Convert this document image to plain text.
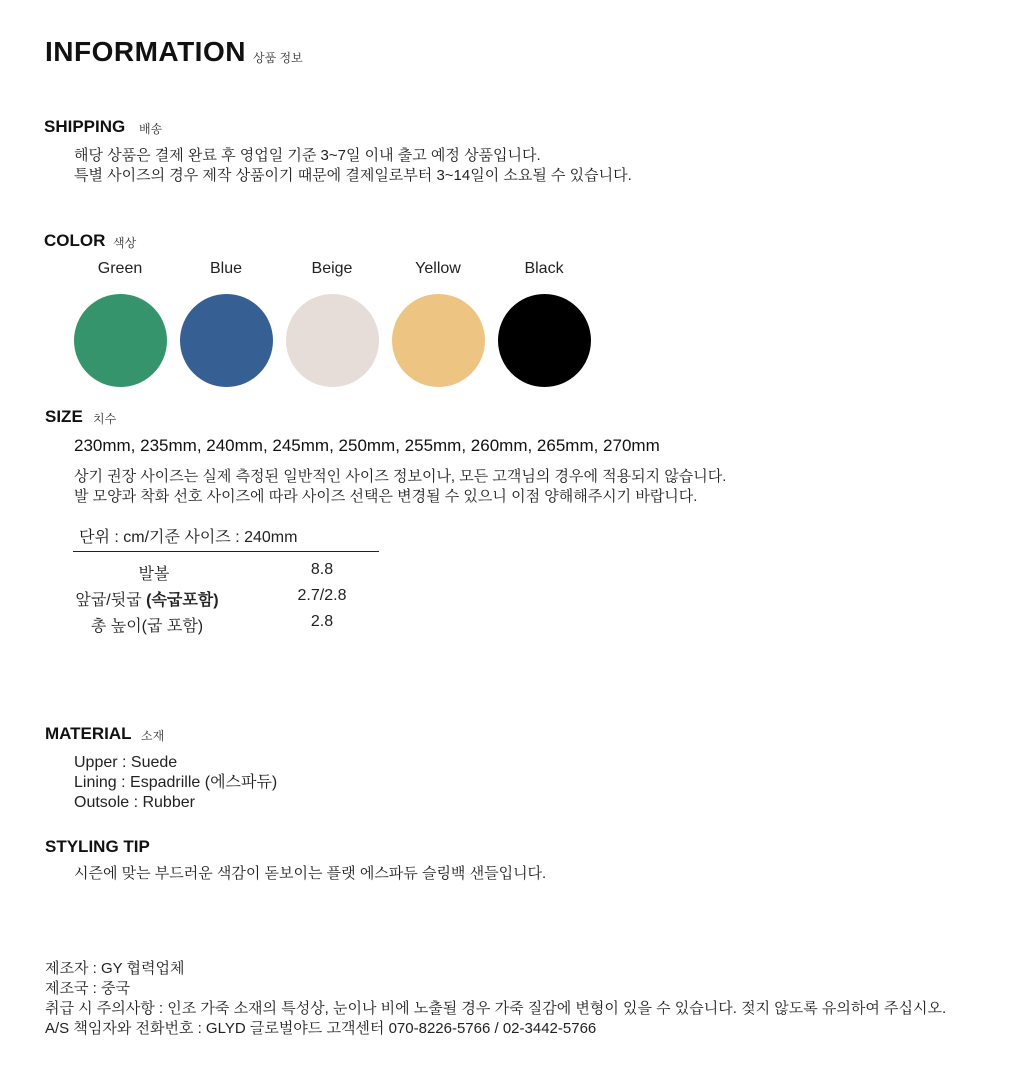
INFORMATION 상품 정보
SHIPPING 배송
해당 상품은 결제 완료 후 영업일 기준 3~7일 이내 출고 예정 상품입니다.
특별 사이즈의 경우 제작 상품이기 때문에 결제일로부터 3~14일이 소요될 수 있습니다.
COLOR 색상
Green	Blue	Beige	Yellow	Black
SIZE 치수
230mm, 235mm, 240mm, 245mm, 250mm, 255mm, 260mm, 265mm, 270mm
상기 권장 사이즈는 실제 측정된 일반적인 사이즈 정보이나, 모든 고객님의 경우에 적용되지 않습니다.
발 모양과 착화 선호 사이즈에 따라 사이즈 선택은 변경될 수 있으니 이점 양해해주시기 바랍니다.
단위 : cm/기준 사이즈 : 240mm
발볼	8.8
앞굽/뒷굽 (속굽포함)	2.7/2.8
총 높이(굽 포함)	2.8
MATERIAL 소재
Upper : Suede
Lining : Espadrille (에스파듀)
Outsole : Rubber
STYLING TIP
시즌에 맞는 부드러운 색감이 돋보이는 플랫 에스파듀 슬링백 샌들입니다.
제조자 : GY 협력업체
제조국 : 중국
취급 시 주의사항 : 인조 가죽 소재의 특성상, 눈이나 비에 노출될 경우 가죽 질감에 변형이 있을 수 있습니다. 젖지 않도록 유의하여 주십시오.
A/S 책임자와 전화번호 : GLYD 글로벌야드 고객센터 070-8226-5766 / 02-3442-5766
